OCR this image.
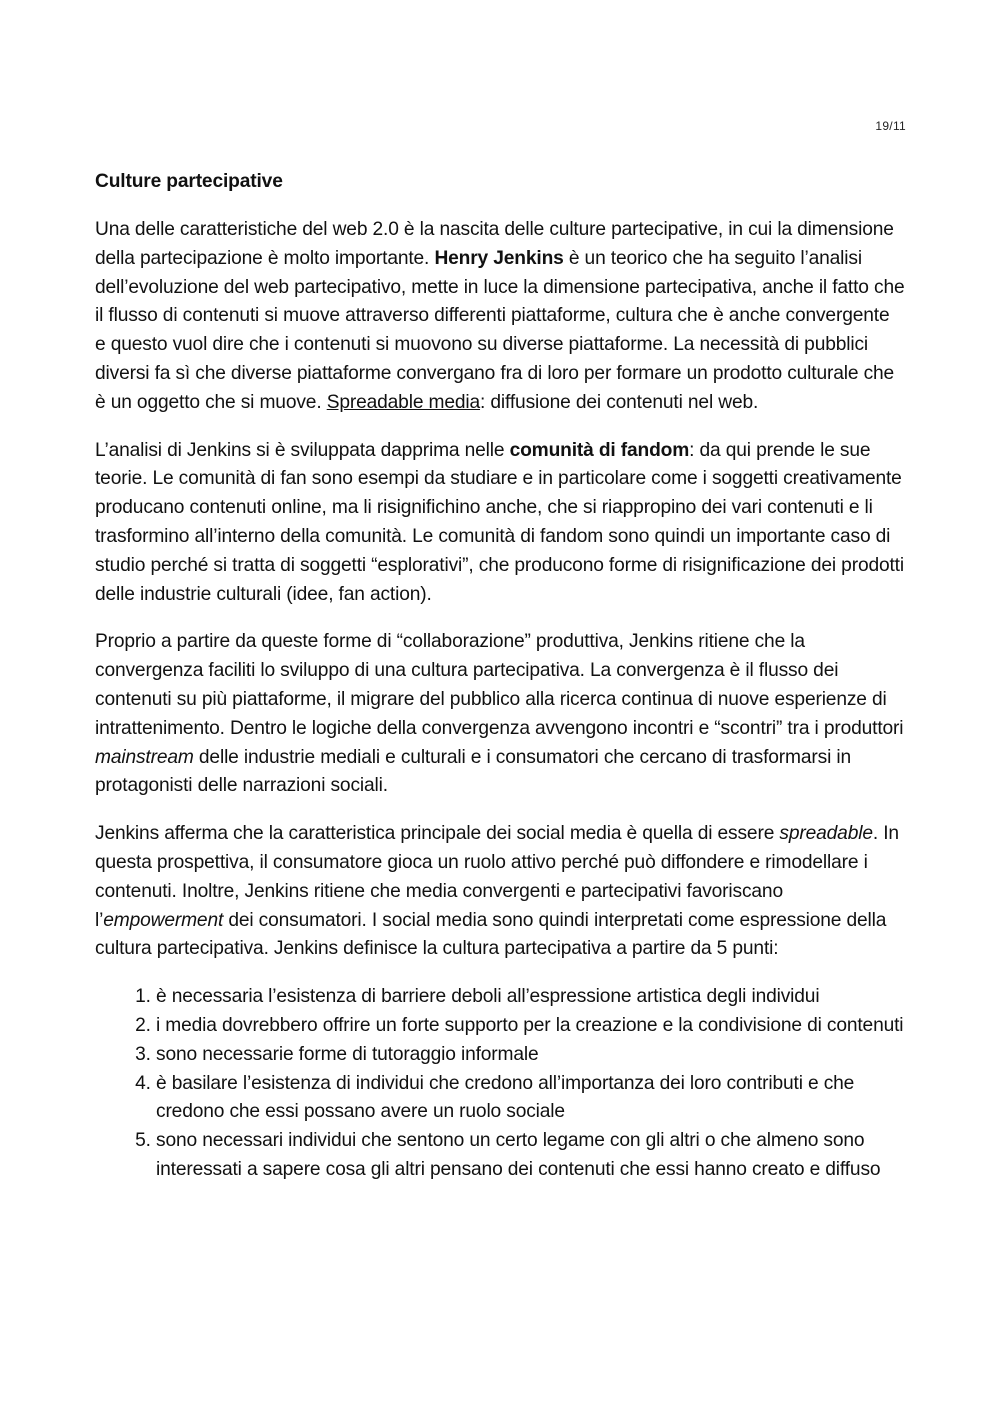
19/11
Culture partecipative

Una delle caratteristiche del web 2.0 è la nascita delle culture partecipative, in cui la dimensione della partecipazione è molto importante. Henry Jenkins è un teorico che ha seguito l’analisi dell’evoluzione del web partecipativo, mette in luce la dimensione partecipativa, anche il fatto che il flusso di contenuti si muove attraverso differenti piattaforme, cultura che è anche convergente e questo vuol dire che i contenuti si muovono su diverse piattaforme. La necessità di pubblici diversi fa sì che diverse piattaforme convergano fra di loro per formare un prodotto culturale che è un oggetto che si muove. Spreadable media: diffusione dei contenuti nel web.

L’analisi di Jenkins si è sviluppata dapprima nelle comunità di fandom: da qui prende le sue teorie. Le comunità di fan sono esempi da studiare e in particolare come i soggetti creativamente producano contenuti online, ma li risignifichino anche, che si riappropino dei vari contenuti e li trasformino all’interno della comunità. Le comunità di fandom sono quindi un importante caso di studio perché si tratta di soggetti “esplorativi”, che producono forme di risignificazione dei prodotti delle industrie culturali (idee, fan action).

Proprio a partire da queste forme di “collaborazione” produttiva, Jenkins ritiene che la convergenza faciliti lo sviluppo di una cultura partecipativa. La convergenza è il flusso dei contenuti su più piattaforme, il migrare del pubblico alla ricerca continua di nuove esperienze di intrattenimento. Dentro le logiche della convergenza avvengono incontri e “scontri” tra i produttori mainstream delle industrie mediali e culturali e i consumatori che cercano di trasformarsi in protagonisti delle narrazioni sociali.

Jenkins afferma che la caratteristica principale dei social media è quella di essere spreadable. In questa prospettiva, il consumatore gioca un ruolo attivo perché può diffondere e rimodellare i contenuti. Inoltre, Jenkins ritiene che media convergenti e partecipativi favoriscano l’empowerment dei consumatori. I social media sono quindi interpretati come espressione della cultura partecipativa. Jenkins definisce la cultura partecipativa a partire da 5 punti:

1. è necessaria l’esistenza di barriere deboli all’espressione artistica degli individui
2. i media dovrebbero offrire un forte supporto per la creazione e la condivisione di contenuti
3. sono necessarie forme di tutoraggio informale
4. è basilare l’esistenza di individui che credono all’importanza dei loro contributi e che credono che essi possano avere un ruolo sociale
5. sono necessari individui che sentono un certo legame con gli altri o che almeno sono interessati a sapere cosa gli altri pensano dei contenuti che essi hanno creato e diffuso
